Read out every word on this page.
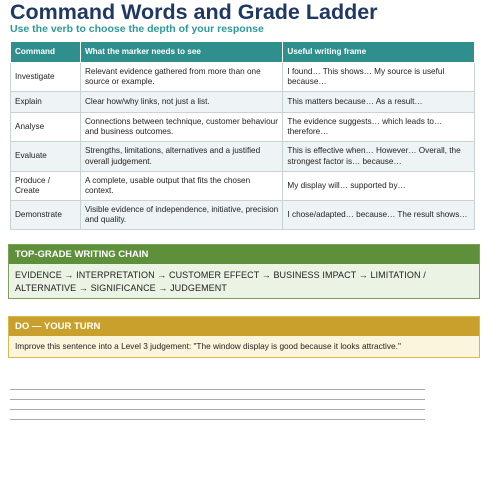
Command Words and Grade Ladder
Use the verb to choose the depth of your response
Command	What the marker needs to see	Useful writing frame
Investigate	Relevant evidence gathered from more than one source or example.	I found… This shows… My source is useful because…
Explain	Clear how/why links, not just a list.	This matters because… As a result…
Analyse	Connections between technique, customer behaviour and business outcomes.	The evidence suggests… which leads to… therefore…
Evaluate	Strengths, limitations, alternatives and a justified overall judgement.	This is effective when… However… Overall, the strongest factor is… because…
Produce / Create	A complete, usable output that fits the chosen context.	My display will… supported by…
Demonstrate	Visible evidence of independence, initiative, precision and quality.	I chose/adapted… because… The result shows…
TOP-GRADE WRITING CHAIN
EVIDENCE → INTERPRETATION → CUSTOMER EFFECT → BUSINESS IMPACT → LIMITATION / ALTERNATIVE → SIGNIFICANCE → JUDGEMENT
DO — YOUR TURN
Improve this sentence into a Level 3 judgement: "The window display is good because it looks attractive."
